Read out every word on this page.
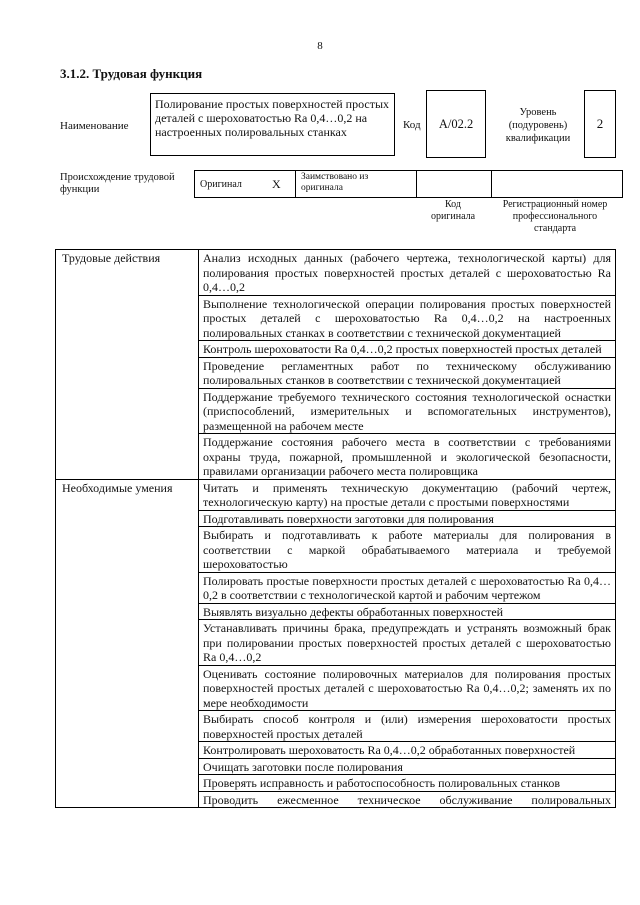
8
3.1.2. Трудовая функция
Наименование
Полирование простых поверхностей простых деталей с шероховатостью Ra 0,4…0,2 на настроенных полировальных станках	Код	А/02.2
Уровень
(подуровень)
квалификации
2
Происхождение трудовой
функции	Оригинал	X	Заимствовано из
оригинала

Код
оригинала
Регистрационный номер
профессионального
стандарта
Трудовые действия	Анализ исходных данных (рабочего чертежа, технологической карты) для полирования простых поверхностей простых деталей с шероховатостью Ra 0,4…0,2
	Выполнение технологической операции полирования простых поверхностей простых деталей с шероховатостью Ra 0,4…0,2 на настроенных полировальных станках в соответствии с технической документацией
	Контроль шероховатости Ra 0,4…0,2 простых поверхностей простых деталей
	Проведение регламентных работ по техническому обслуживанию полировальных станков в соответствии с технической документацией
	Поддержание требуемого технического состояния технологической оснастки (приспособлений, измерительных и вспомогательных инструментов), размещенной на рабочем месте
	Поддержание состояния рабочего места в соответствии с требованиями охраны труда, пожарной, промышленной и экологической безопасности, правилами организации рабочего места полировщика
Необходимые умения	Читать и применять техническую документацию (рабочий чертеж, технологическую карту) на простые детали с простыми поверхностями
	Подготавливать поверхности заготовки для полирования
	Выбирать и подготавливать к работе материалы для полирования в соответствии с маркой обрабатываемого материала и требуемой шероховатостью
	Полировать простые поверхности простых деталей с шероховатостью Ra 0,4…0,2 в соответствии с технологической картой и рабочим чертежом
	Выявлять визуально дефекты обработанных поверхностей
	Устанавливать причины брака, предупреждать и устранять возможный брак при полировании простых поверхностей простых деталей с шероховатостью Ra 0,4…0,2
	Оценивать состояние полировочных материалов для полирования простых поверхностей простых деталей с шероховатостью Ra 0,4…0,2; заменять их по мере необходимости
	Выбирать способ контроля и (или) измерения шероховатости простых поверхностей простых деталей
	Контролировать шероховатость Ra 0,4…0,2 обработанных поверхностей
	Очищать заготовки после полирования
	Проверять исправность и работоспособность полировальных станков
	Проводить ежесменное техническое обслуживание полировальных
